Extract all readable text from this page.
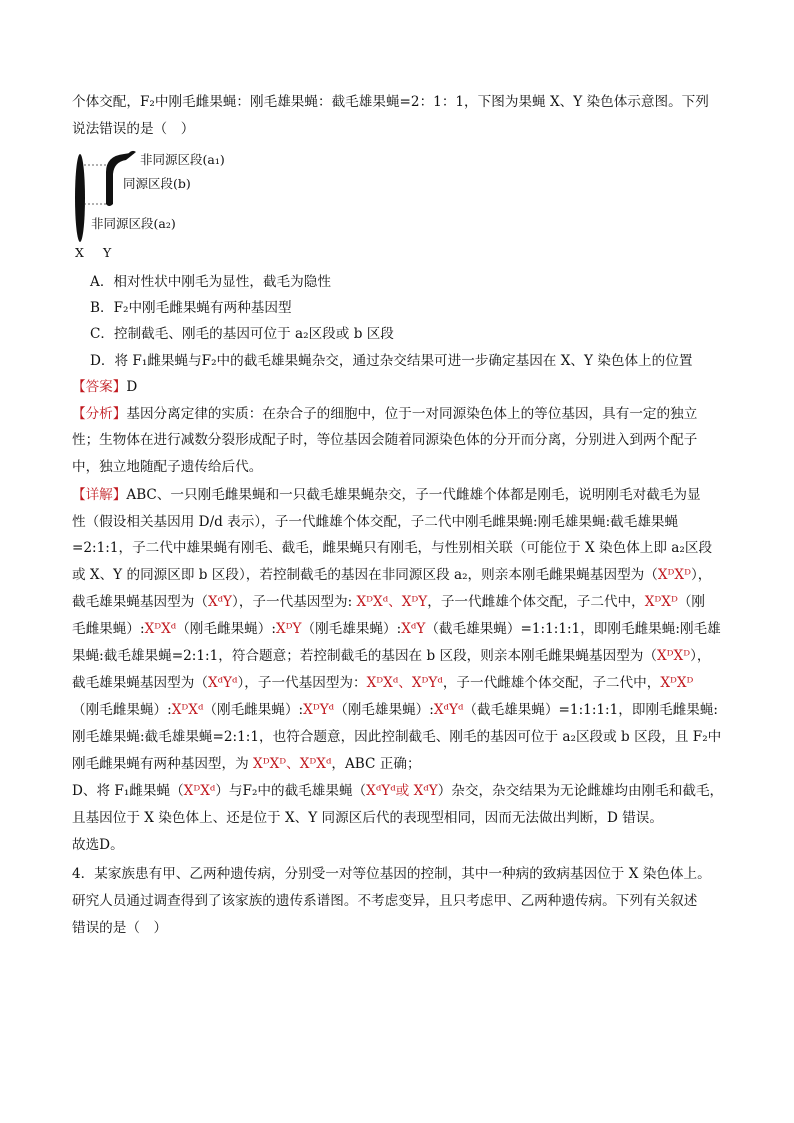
个体交配，F₂中刚毛雌果蝇：刚毛雄果蝇：截毛雄果蝇=2：1：1，下图为果蝇 X、Y 染色体示意图。下列
说法错误的是（　）
非同源区段(a₁)
同源区段(b)
非同源区段(a₂)
X Y
A．相对性状中刚毛为显性，截毛为隐性
B．F₂中刚毛雌果蝇有两种基因型
C．控制截毛、刚毛的基因可位于 a₂区段或 b 区段
D．将 F₁雌果蝇与F₂中的截毛雄果蝇杂交，通过杂交结果可进一步确定基因在 X、Y 染色体上的位置
【答案】D
【分析】基因分离定律的实质：在杂合子的细胞中，位于一对同源染色体上的等位基因，具有一定的独立
性；生物体在进行减数分裂形成配子时，等位基因会随着同源染色体的分开而分离，分别进入到两个配子
中，独立地随配子遗传给后代。
【详解】ABC、一只刚毛雌果蝇和一只截毛雄果蝇杂交，子一代雌雄个体都是刚毛，说明刚毛对截毛为显
性（假设相关基因用 D/d 表示），子一代雌雄个体交配，子二代中刚毛雌果蝇:刚毛雄果蝇:截毛雄果蝇
=2:1:1，子二代中雄果蝇有刚毛、截毛，雌果蝇只有刚毛，与性别相关联（可能位于 X 染色体上即 a₂区段
或 X、Y 的同源区即 b 区段），若控制截毛的基因在非同源区段 a₂，则亲本刚毛雌果蝇基因型为（XᴰXᴰ），
截毛雄果蝇基因型为（XᵈY），子一代基因型为: XᴰXᵈ、XᴰY，子一代雌雄个体交配，子二代中，XᴰXᴰ（刚
毛雌果蝇）:XᴰXᵈ（刚毛雌果蝇）:XᴰY（刚毛雄果蝇）:XᵈY（截毛雄果蝇）=1:1:1:1，即刚毛雌果蝇:刚毛雄
果蝇:截毛雄果蝇=2:1:1，符合题意；若控制截毛的基因在 b 区段，则亲本刚毛雌果蝇基因型为（XᴰXᴰ），
截毛雄果蝇基因型为（XᵈYᵈ），子一代基因型为：XᴰXᵈ、XᴰYᵈ，子一代雌雄个体交配，子二代中，XᴰXᴰ
（刚毛雌果蝇）:XᴰXᵈ（刚毛雌果蝇）:XᴰYᵈ（刚毛雄果蝇）:XᵈYᵈ（截毛雄果蝇）=1:1:1:1，即刚毛雌果蝇:
刚毛雄果蝇:截毛雄果蝇=2:1:1，也符合题意，因此控制截毛、刚毛的基因可位于 a₂区段或 b 区段，且 F₂中
刚毛雌果蝇有两种基因型，为 XᴰXᴰ、XᴰXᵈ，ABC 正确；
D、将 F₁雌果蝇（XᴰXᵈ）与F₂中的截毛雄果蝇（XᵈYᵈ或 XᵈY）杂交，杂交结果为无论雌雄均由刚毛和截毛，
且基因位于 X 染色体上、还是位于 X、Y 同源区后代的表现型相同，因而无法做出判断，D 错误。
故选D。
4．某家族患有甲、乙两种遗传病，分别受一对等位基因的控制，其中一种病的致病基因位于 X 染色体上。
研究人员通过调查得到了该家族的遗传系谱图。不考虑变异，且只考虑甲、乙两种遗传病。下列有关叙述
错误的是（　）
